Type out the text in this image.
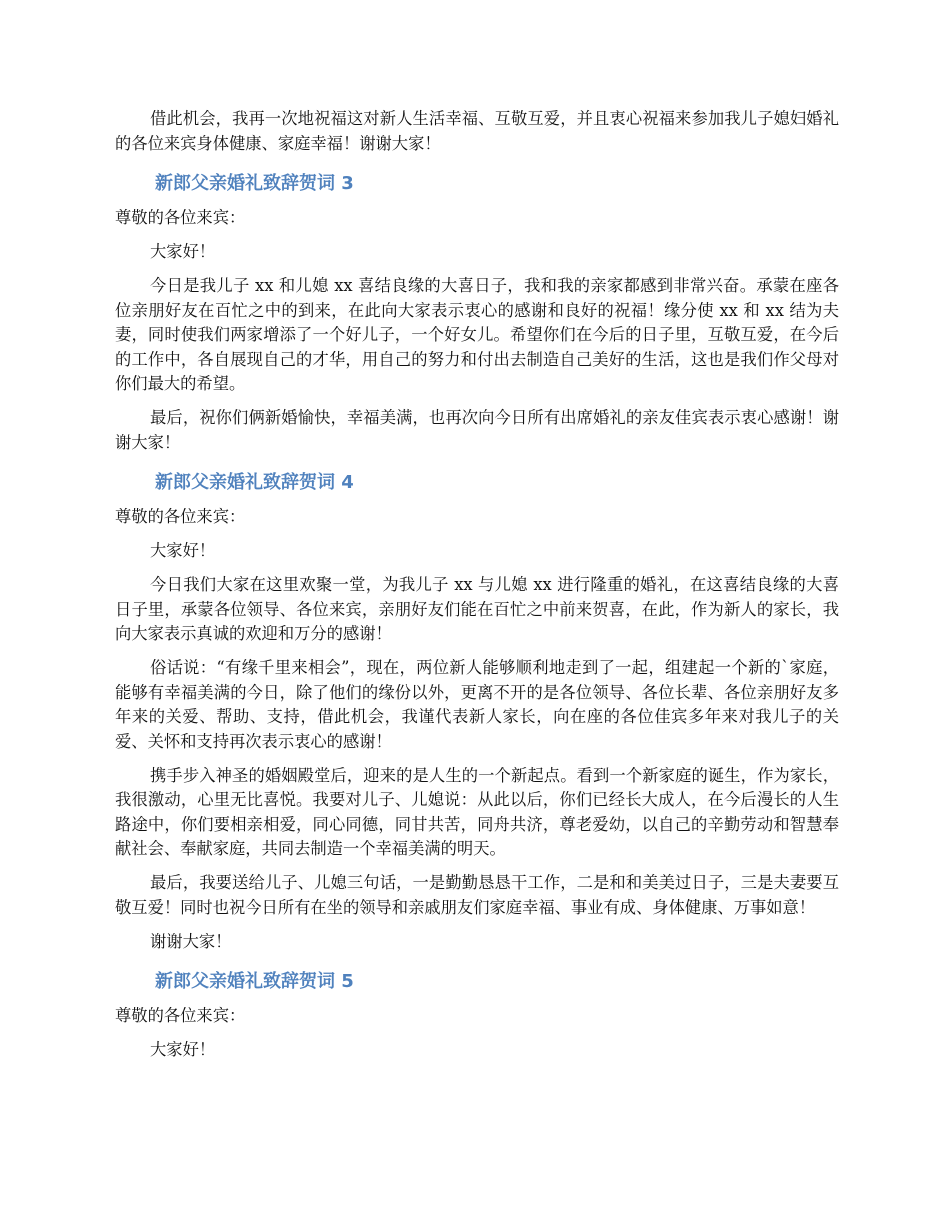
借此机会，我再一次地祝福这对新人生活幸福、互敬互爱，并且衷心祝福来参加我儿子媳妇婚礼的各位来宾身体健康、家庭幸福！谢谢大家！

新郎父亲婚礼致辞贺词 3

尊敬的各位来宾：

大家好！

今日是我儿子 xx 和儿媳 xx 喜结良缘的大喜日子，我和我的亲家都感到非常兴奋。承蒙在座各位亲朋好友在百忙之中的到来，在此向大家表示衷心的感谢和良好的祝福！缘分使 xx 和 xx 结为夫妻，同时使我们两家增添了一个好儿子，一个好女儿。希望你们在今后的日子里，互敬互爱，在今后的工作中，各自展现自己的才华，用自己的努力和付出去制造自己美好的生活，这也是我们作父母对你们最大的希望。

最后，祝你们俩新婚愉快，幸福美满，也再次向今日所有出席婚礼的亲友佳宾表示衷心感谢！谢谢大家！

新郎父亲婚礼致辞贺词 4

尊敬的各位来宾：

大家好！

今日我们大家在这里欢聚一堂，为我儿子 xx 与儿媳 xx 进行隆重的婚礼，在这喜结良缘的大喜日子里，承蒙各位领导、各位来宾，亲朋好友们能在百忙之中前来贺喜，在此，作为新人的家长，我向大家表示真诚的欢迎和万分的感谢！

俗话说：“有缘千里来相会”，现在，两位新人能够顺利地走到了一起，组建起一个新的`家庭，能够有幸福美满的今日，除了他们的缘份以外，更离不开的是各位领导、各位长辈、各位亲朋好友多年来的关爱、帮助、支持，借此机会，我谨代表新人家长，向在座的各位佳宾多年来对我儿子的关爱、关怀和支持再次表示衷心的感谢！

携手步入神圣的婚姻殿堂后，迎来的是人生的一个新起点。看到一个新家庭的诞生，作为家长，我很激动，心里无比喜悦。我要对儿子、儿媳说：从此以后，你们已经长大成人，在今后漫长的人生路途中，你们要相亲相爱，同心同德，同甘共苦，同舟共济，尊老爱幼，以自己的辛勤劳动和智慧奉献社会、奉献家庭，共同去制造一个幸福美满的明天。

最后，我要送给儿子、儿媳三句话，一是勤勤恳恳干工作，二是和和美美过日子，三是夫妻要互敬互爱！同时也祝今日所有在坐的领导和亲戚朋友们家庭幸福、事业有成、身体健康、万事如意！

谢谢大家！

新郎父亲婚礼致辞贺词 5

尊敬的各位来宾：

大家好！
